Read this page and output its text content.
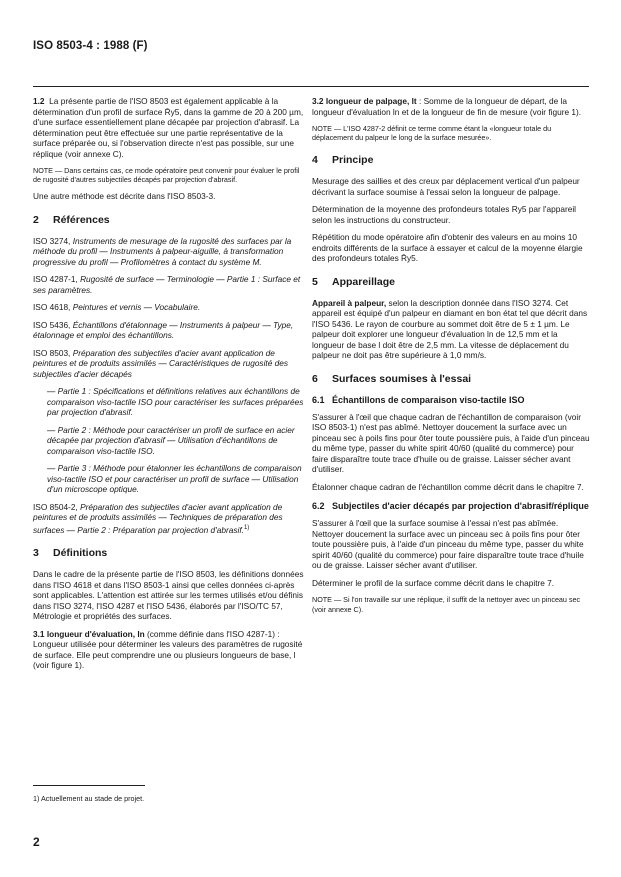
ISO 8503-4 : 1988 (F)

1.2 La présente partie de l'ISO 8503 est également applicable à la détermination d'un profil de surface R̄y5, dans la gamme de 20 à 200 µm, d'une surface essentiellement plane décapée par projection d'abrasif. La détermination peut être effectuée sur une partie représentative de la surface préparée ou, si l'observation directe n'est pas possible, sur une réplique (voir annexe C).

NOTE — Dans certains cas, ce mode opératoire peut convenir pour évaluer le profil de rugosité d'autres subjectiles décapés par projection d'abrasif.

Une autre méthode est décrite dans l'ISO 8503-3.

2 Références

ISO 3274, Instruments de mesurage de la rugosité des surfaces par la méthode du profil — Instruments à palpeur-aiguille, à transformation progressive du profil — Profilomètres à contact du système M.

ISO 4287-1, Rugosité de surface — Terminologie — Partie 1 : Surface et ses paramètres.

ISO 4618, Peintures et vernis — Vocabulaire.

ISO 5436, Échantillons d'étalonnage — Instruments à palpeur — Type, étalonnage et emploi des échantillons.

ISO 8503, Préparation des subjectiles d'acier avant application de peintures et de produits assimilés — Caractéristiques de rugosité des subjectiles d'acier décapés

— Partie 1 : Spécifications et définitions relatives aux échantillons de comparaison viso-tactile ISO pour caractériser les surfaces préparées par projection d'abrasif.

— Partie 2 : Méthode pour caractériser un profil de surface en acier décapée par projection d'abrasif — Utilisation d'échantillons de comparaison viso-tactile ISO.

— Partie 3 : Méthode pour étalonner les échantillons de comparaison viso-tactile ISO et pour caractériser un profil de surface — Utilisation d'un microscope optique.

ISO 8504-2, Préparation des subjectiles d'acier avant application de peintures et de produits assimilés — Techniques de préparation des surfaces — Partie 2 : Préparation par projection d'abrasif.$^{1)}$

3 Définitions

Dans le cadre de la présente partie de l'ISO 8503, les définitions données dans l'ISO 4618 et dans l'ISO 8503-1 ainsi que celles données ci-après sont applicables. L'attention est attirée sur les termes utilisés et/ou définis dans l'ISO 3274, l'ISO 4287 et l'ISO 5436, élaborés par l'ISO/TC 57, Métrologie et propriétés des surfaces.

3.1 longueur d'évaluation, ln (comme définie dans l'ISO 4287-1) : Longueur utilisée pour déterminer les valeurs des paramètres de rugosité de surface. Elle peut comprendre une ou plusieurs longueurs de base, l (voir figure 1).

3.2 longueur de palpage, lt : Somme de la longueur de départ, de la longueur d'évaluation ln et de la longueur de fin de mesure (voir figure 1).

NOTE — L'ISO 4287-2 définit ce terme comme étant la «longueur totale du déplacement du palpeur le long de la surface mesurée».

4 Principe

Mesurage des saillies et des creux par déplacement vertical d'un palpeur décrivant la surface soumise à l'essai selon la longueur de palpage.

Détermination de la moyenne des profondeurs totales Ry5 par l'appareil selon les instructions du constructeur.

Répétition du mode opératoire afin d'obtenir des valeurs en au moins 10 endroits différents de la surface à essayer et calcul de la moyenne élargie des profondeurs totales R̄y5.

5 Appareillage

Appareil à palpeur, selon la description donnée dans l'ISO 3274. Cet appareil est équipé d'un palpeur en diamant en bon état tel que décrit dans l'ISO 5436. Le rayon de courbure au sommet doit être de 5 ± 1 µm. Le palpeur doit explorer une longueur d'évaluation ln de 12,5 mm et la longueur de base l doit être de 2,5 mm. La vitesse de déplacement du palpeur ne doit pas être supérieure à 1,0 mm/s.

6 Surfaces soumises à l'essai
6.1 Échantillons de comparaison viso-tactile ISO

S'assurer à l'œil que chaque cadran de l'échantillon de comparaison (voir ISO 8503-1) n'est pas abîmé. Nettoyer doucement la surface avec un pinceau sec à poils fins pour ôter toute poussière puis, à l'aide d'un pinceau du même type, passer du white spirit 40/60 (qualité du commerce) pour faire disparaître toute trace d'huile ou de graisse. Laisser sécher avant d'utiliser.

Étalonner chaque cadran de l'échantillon comme décrit dans le chapitre 7.

6.2 Subjectiles d'acier décapés par projection d'abrasif/réplique

S'assurer à l'œil que la surface soumise à l'essai n'est pas abîmée. Nettoyer doucement la surface avec un pinceau sec à poils fins pour ôter toute poussière puis, à l'aide d'un pinceau du même type, passer du white spirit 40/60 (qualité du commerce) pour faire disparaître toute trace d'huile ou de graisse. Laisser sécher avant d'utiliser.

Déterminer le profil de la surface comme décrit dans le chapitre 7.

NOTE — Si l'on travaille sur une réplique, il suffit de la nettoyer avec un pinceau sec (voir annexe C).

1) Actuellement au stade de projet.
2
